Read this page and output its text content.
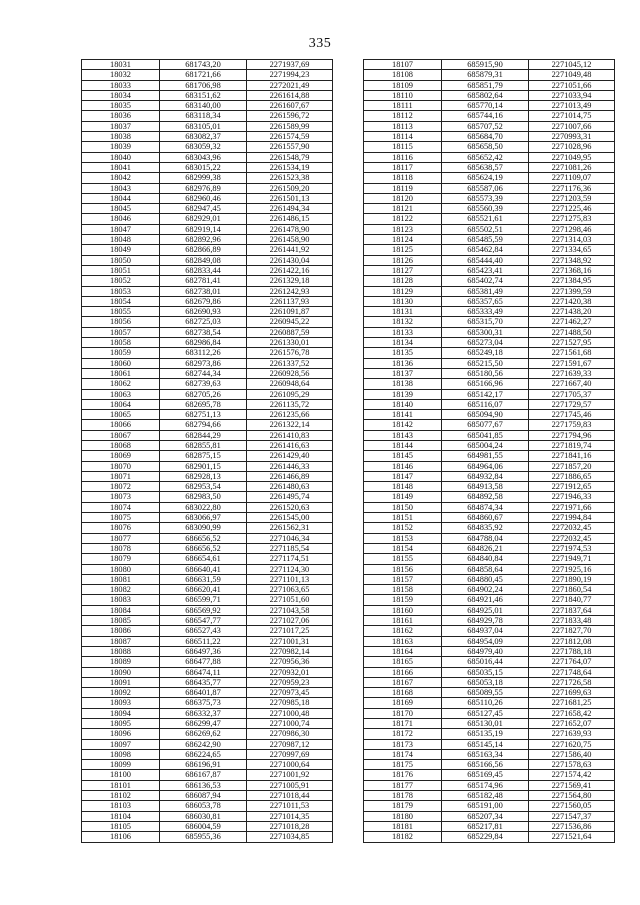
335
18031	681743,20	2271937,69
18032	681721,66	2271994,23
18033	681706,98	2272021,49
18034	683151,62	2261614,88
18035	683140,00	2261607,67
18036	683118,34	2261596,72
18037	683105,01	2261589,99
18038	683082,37	2261574,59
18039	683059,32	2261557,90
18040	683043,96	2261548,79
18041	683015,22	2261534,19
18042	682999,38	2261523,38
18043	682976,89	2261509,20
18044	682960,46	2261501,13
18045	682947,45	2261494,34
18046	682929,01	2261486,15
18047	682919,14	2261478,90
18048	682892,96	2261458,90
18049	682866,89	2261441,92
18050	682849,08	2261430,04
18051	682833,44	2261422,16
18052	682781,41	2261329,18
18053	682738,01	2261242,93
18054	682679,86	2261137,93
18055	682690,93	2261091,87
18056	682725,03	2260945,22
18057	682738,54	2260887,59
18058	682986,84	2261330,01
18059	683112,26	2261576,78
18060	682973,86	2261337,52
18061	682744,34	2260928,56
18062	682739,63	2260948,64
18063	682705,26	2261095,29
18064	682695,78	2261135,72
18065	682751,13	2261235,66
18066	682794,66	2261322,14
18067	682844,29	2261410,83
18068	682855,81	2261416,63
18069	682875,15	2261429,40
18070	682901,15	2261446,33
18071	682928,13	2261466,89
18072	682953,54	2261480,63
18073	682983,50	2261495,74
18074	683022,80	2261520,63
18075	683066,97	2261545,00
18076	683090,99	2261562,31
18077	686656,52	2271046,34
18078	686656,52	2271185,54
18079	686654,61	2271174,51
18080	686640,41	2271124,30
18081	686631,59	2271101,13
18082	686620,41	2271063,65
18083	686599,71	2271051,60
18084	686569,92	2271043,58
18085	686547,77	2271027,06
18086	686527,43	2271017,25
18087	686511,22	2271001,31
18088	686497,36	2270982,14
18089	686477,88	2270956,36
18090	686474,11	2270932,01
18091	686435,77	2270959,23
18092	686401,87	2270973,45
18093	686375,73	2270985,18
18094	686332,37	2271000,48
18095	686299,47	2271000,74
18096	686269,62	2270986,30
18097	686242,90	2270987,12
18098	686224,65	2270997,69
18099	686196,91	2271000,64
18100	686167,87	2271001,92
18101	686136,53	2271005,91
18102	686087,94	2271018,44
18103	686053,78	2271011,53
18104	686030,81	2271014,35
18105	686004,59	2271018,28
18106	685955,36	2271034,85
18107	685915,90	2271045,12
18108	685879,31	2271049,48
18109	685851,79	2271051,66
18110	685802,64	2271033,94
18111	685770,14	2271013,49
18112	685744,16	2271014,75
18113	685707,52	2271007,66
18114	685684,70	2270993,31
18115	685658,50	2271028,96
18116	685652,42	2271049,95
18117	685638,57	2271081,26
18118	685624,19	2271109,07
18119	685587,06	2271176,36
18120	685573,39	2271203,59
18121	685560,39	2271225,46
18122	685521,61	2271275,83
18123	685502,51	2271298,46
18124	685485,59	2271314,03
18125	685462,84	2271334,65
18126	685444,40	2271348,92
18127	685423,41	2271368,16
18128	685402,74	2271384,95
18129	685381,49	2271399,59
18130	685357,65	2271420,38
18131	685333,49	2271438,20
18132	685315,70	2271462,27
18133	685300,31	2271488,50
18134	685273,04	2271527,95
18135	685249,18	2271561,68
18136	685215,50	2271591,67
18137	685180,56	2271639,33
18138	685166,96	2271667,40
18139	685142,17	2271705,37
18140	685116,07	2271729,57
18141	685094,90	2271745,46
18142	685077,67	2271759,83
18143	685041,85	2271794,96
18144	685004,24	2271819,74
18145	684981,55	2271841,16
18146	684964,06	2271857,20
18147	684932,84	2271886,65
18148	684913,58	2271912,65
18149	684892,58	2271946,33
18150	684874,34	2271971,66
18151	684860,67	2271994,84
18152	684835,92	2272032,45
18153	684788,04	2272032,45
18154	684826,21	2271974,53
18155	684840,84	2271949,71
18156	684858,64	2271925,16
18157	684880,45	2271890,19
18158	684902,24	2271860,54
18159	684921,46	2271840,77
18160	684925,01	2271837,64
18161	684929,78	2271833,48
18162	684937,04	2271827,70
18163	684954,09	2271812,08
18164	684979,40	2271788,18
18165	685016,44	2271764,07
18166	685035,15	2271748,64
18167	685053,18	2271726,58
18168	685089,55	2271699,63
18169	685110,26	2271681,25
18170	685127,45	2271658,42
18171	685130,01	2271652,07
18172	685135,19	2271639,93
18173	685145,14	2271620,75
18174	685163,34	2271586,40
18175	685166,56	2271578,63
18176	685169,45	2271574,42
18177	685174,96	2271569,41
18178	685182,48	2271564,80
18179	685191,00	2271560,05
18180	685207,34	2271547,37
18181	685217,81	2271536,86
18182	685229,84	2271521,64
